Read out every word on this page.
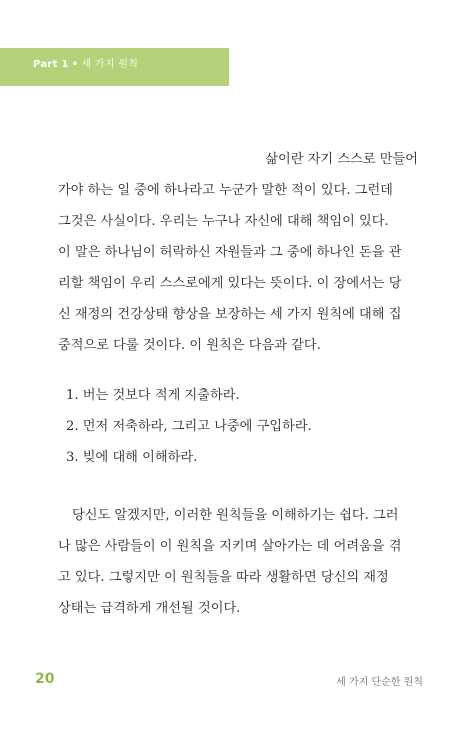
Part 1 • 세 가지 원칙
삶이란 자기 스스로 만들어
가야 하는 일 중에 하나라고 누군가 말한 적이 있다. 그런데
그것은 사실이다. 우리는 누구나 자신에 대해 책임이 있다.
이 말은 하나님이 허락하신 자원들과 그 중에 하나인 돈을 관
리할 책임이 우리 스스로에게 있다는 뜻이다. 이 장에서는 당
신 재정의 건강상태 향상을 보장하는 세 가지 원칙에 대해 집
중적으로 다룰 것이다. 이 원칙은 다음과 같다.
1. 버는 것보다 적게 지출하라.
2. 먼저 저축하라, 그리고 나중에 구입하라.
3. 빚에 대해 이해하라.
당신도 알겠지만, 이러한 원칙들을 이해하기는 쉽다. 그러
나 많은 사람들이 이 원칙을 지키며 살아가는 데 어려움을 겪
고 있다. 그렇지만 이 원칙들을 따라 생활하면 당신의 재정
상태는 급격하게 개선될 것이다.
20	세 가지 단순한 원칙
